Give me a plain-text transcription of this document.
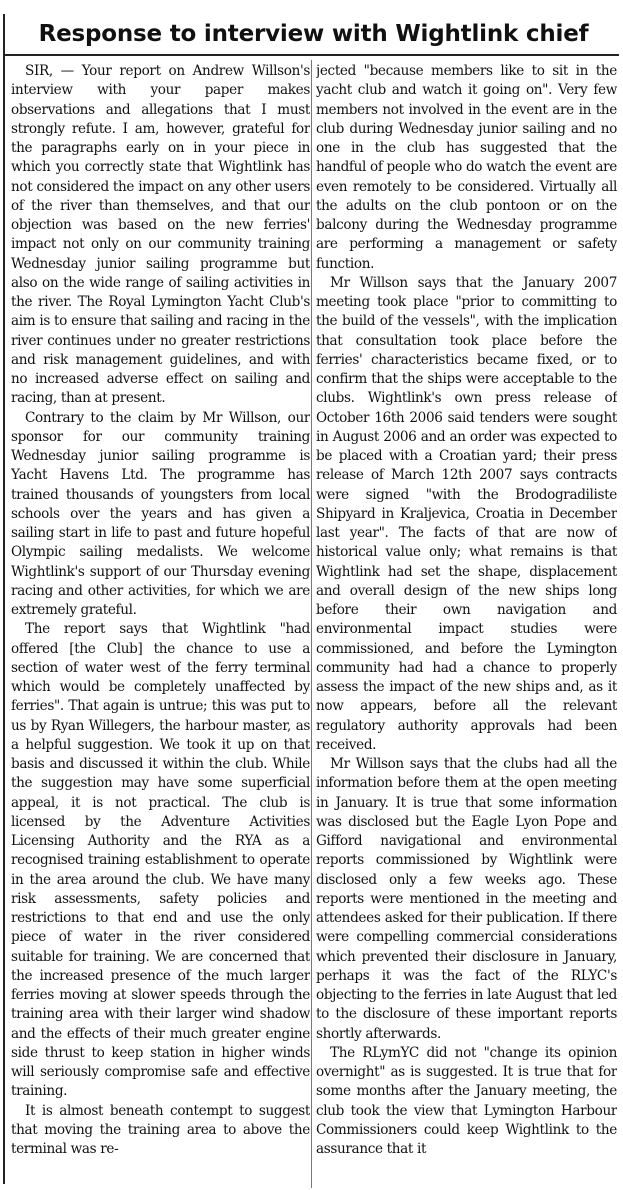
Response to interview with Wightlink chief

SIR, — Your report on Andrew Willson's interview with your paper makes observations and allegations that I must strongly refute. I am, however, grateful for the paragraphs early on in your piece in which you correctly state that Wightlink has not considered the impact on any other users of the river than themselves, and that our objection was based on the new ferries' impact not only on our community training Wednesday junior sailing programme but also on the wide range of sailing activities in the river. The Royal Lymington Yacht Club's aim is to ensure that sailing and racing in the river continues under no greater restrictions and risk management guidelines, and with no increased adverse effect on sailing and racing, than at present.

Contrary to the claim by Mr Willson, our sponsor for our community training Wednesday junior sailing programme is Yacht Havens Ltd. The programme has trained thousands of youngsters from local schools over the years and has given a sailing start in life to past and future hopeful Olympic sailing medalists. We welcome Wightlink's support of our Thursday evening racing and other activities, for which we are extremely grateful.

The report says that Wightlink "had offered [the Club] the chance to use a section of water west of the ferry terminal which would be completely unaffected by ferries". That again is untrue; this was put to us by Ryan Willegers, the harbour master, as a helpful suggestion. We took it up on that basis and discussed it within the club. While the suggestion may have some superficial appeal, it is not practical. The club is licensed by the Adventure Activities Licensing Authority and the RYA as a recognised training establishment to operate in the area around the club. We have many risk assessments, safety policies and restrictions to that end and use the only piece of water in the river considered suitable for training. We are concerned that the increased presence of the much larger ferries moving at slower speeds through the training area with their larger wind shadow and the effects of their much greater engine side thrust to keep station in higher winds will seriously compromise safe and effective training.

It is almost beneath contempt to suggest that moving the training area to above the terminal was re-

jected "because members like to sit in the yacht club and watch it going on". Very few members not involved in the event are in the club during Wednesday junior sailing and no one in the club has suggested that the handful of people who do watch the event are even remotely to be considered. Virtually all the adults on the club pontoon or on the balcony during the Wednesday programme are performing a management or safety function.

Mr Willson says that the January 2007 meeting took place "prior to committing to the build of the vessels", with the implication that consultation took place before the ferries' characteristics became fixed, or to confirm that the ships were acceptable to the clubs. Wightlink's own press release of October 16th 2006 said tenders were sought in August 2006 and an order was expected to be placed with a Croatian yard; their press release of March 12th 2007 says contracts were signed "with the Brodogradiliste Shipyard in Kraljevica, Croatia in December last year". The facts of that are now of historical value only; what remains is that Wightlink had set the shape, displacement and overall design of the new ships long before their own navigation and environmental impact studies were commissioned, and before the Lymington community had had a chance to properly assess the impact of the new ships and, as it now appears, before all the relevant regulatory authority approvals had been received.

Mr Willson says that the clubs had all the information before them at the open meeting in January. It is true that some information was disclosed but the Eagle Lyon Pope and Gifford navigational and environmental reports commissioned by Wightlink were disclosed only a few weeks ago. These reports were mentioned in the meeting and attendees asked for their publication. If there were compelling commercial considerations which prevented their disclosure in January, perhaps it was the fact of the RLYC's objecting to the ferries in late August that led to the disclosure of these important reports shortly afterwards.

The RLymYC did not "change its opinion overnight" as is suggested. It is true that for some months after the January meeting, the club took the view that Lymington Harbour Commissioners could keep Wightlink to the assurance that it
